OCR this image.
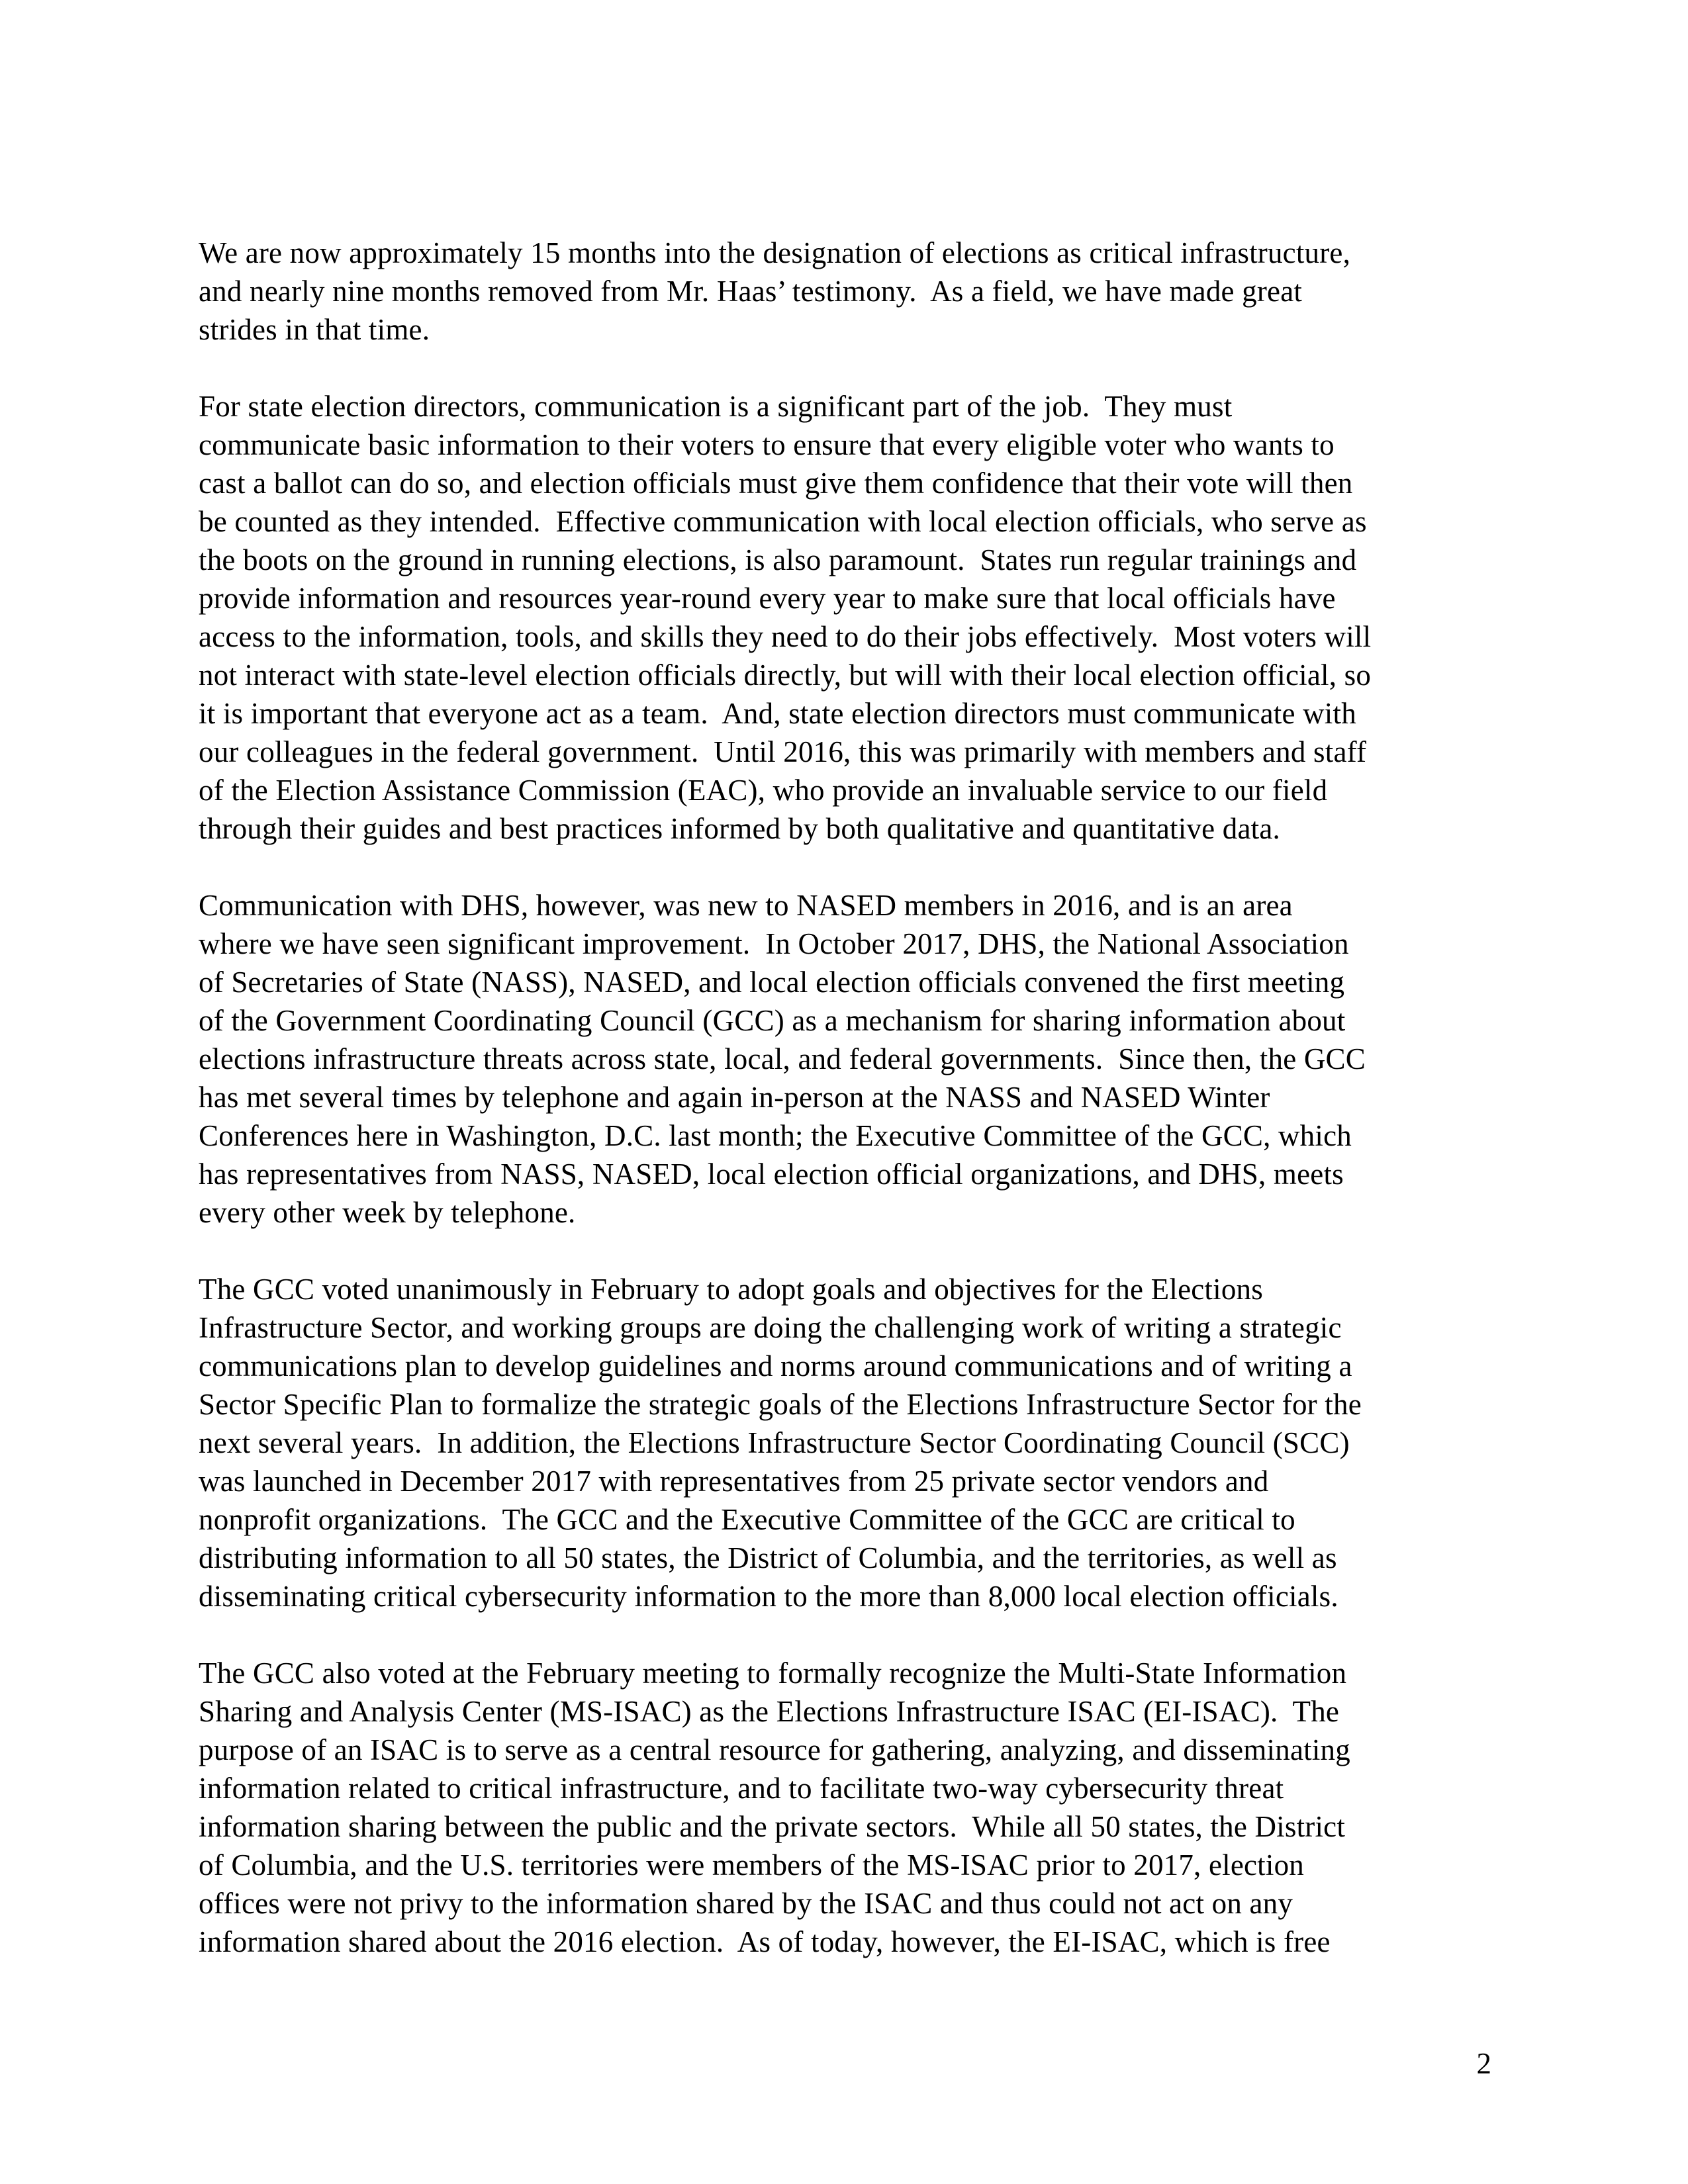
We are now approximately 15 months into the designation of elections as critical infrastructure,
and nearly nine months removed from Mr. Haas’ testimony.  As a field, we have made great
strides in that time.
For state election directors, communication is a significant part of the job.  They must
communicate basic information to their voters to ensure that every eligible voter who wants to
cast a ballot can do so, and election officials must give them confidence that their vote will then
be counted as they intended.  Effective communication with local election officials, who serve as
the boots on the ground in running elections, is also paramount.  States run regular trainings and
provide information and resources year-round every year to make sure that local officials have
access to the information, tools, and skills they need to do their jobs effectively.  Most voters will
not interact with state-level election officials directly, but will with their local election official, so
it is important that everyone act as a team.  And, state election directors must communicate with
our colleagues in the federal government.  Until 2016, this was primarily with members and staff
of the Election Assistance Commission (EAC), who provide an invaluable service to our field
through their guides and best practices informed by both qualitative and quantitative data.
Communication with DHS, however, was new to NASED members in 2016, and is an area
where we have seen significant improvement.  In October 2017, DHS, the National Association
of Secretaries of State (NASS), NASED, and local election officials convened the first meeting
of the Government Coordinating Council (GCC) as a mechanism for sharing information about
elections infrastructure threats across state, local, and federal governments.  Since then, the GCC
has met several times by telephone and again in-person at the NASS and NASED Winter
Conferences here in Washington, D.C. last month; the Executive Committee of the GCC, which
has representatives from NASS, NASED, local election official organizations, and DHS, meets
every other week by telephone.
The GCC voted unanimously in February to adopt goals and objectives for the Elections
Infrastructure Sector, and working groups are doing the challenging work of writing a strategic
communications plan to develop guidelines and norms around communications and of writing a
Sector Specific Plan to formalize the strategic goals of the Elections Infrastructure Sector for the
next several years.  In addition, the Elections Infrastructure Sector Coordinating Council (SCC)
was launched in December 2017 with representatives from 25 private sector vendors and
nonprofit organizations.  The GCC and the Executive Committee of the GCC are critical to
distributing information to all 50 states, the District of Columbia, and the territories, as well as
disseminating critical cybersecurity information to the more than 8,000 local election officials.
The GCC also voted at the February meeting to formally recognize the Multi-State Information
Sharing and Analysis Center (MS-ISAC) as the Elections Infrastructure ISAC (EI-ISAC).  The
purpose of an ISAC is to serve as a central resource for gathering, analyzing, and disseminating
information related to critical infrastructure, and to facilitate two-way cybersecurity threat
information sharing between the public and the private sectors.  While all 50 states, the District
of Columbia, and the U.S. territories were members of the MS-ISAC prior to 2017, election
offices were not privy to the information shared by the ISAC and thus could not act on any
information shared about the 2016 election.  As of today, however, the EI-ISAC, which is free
2
